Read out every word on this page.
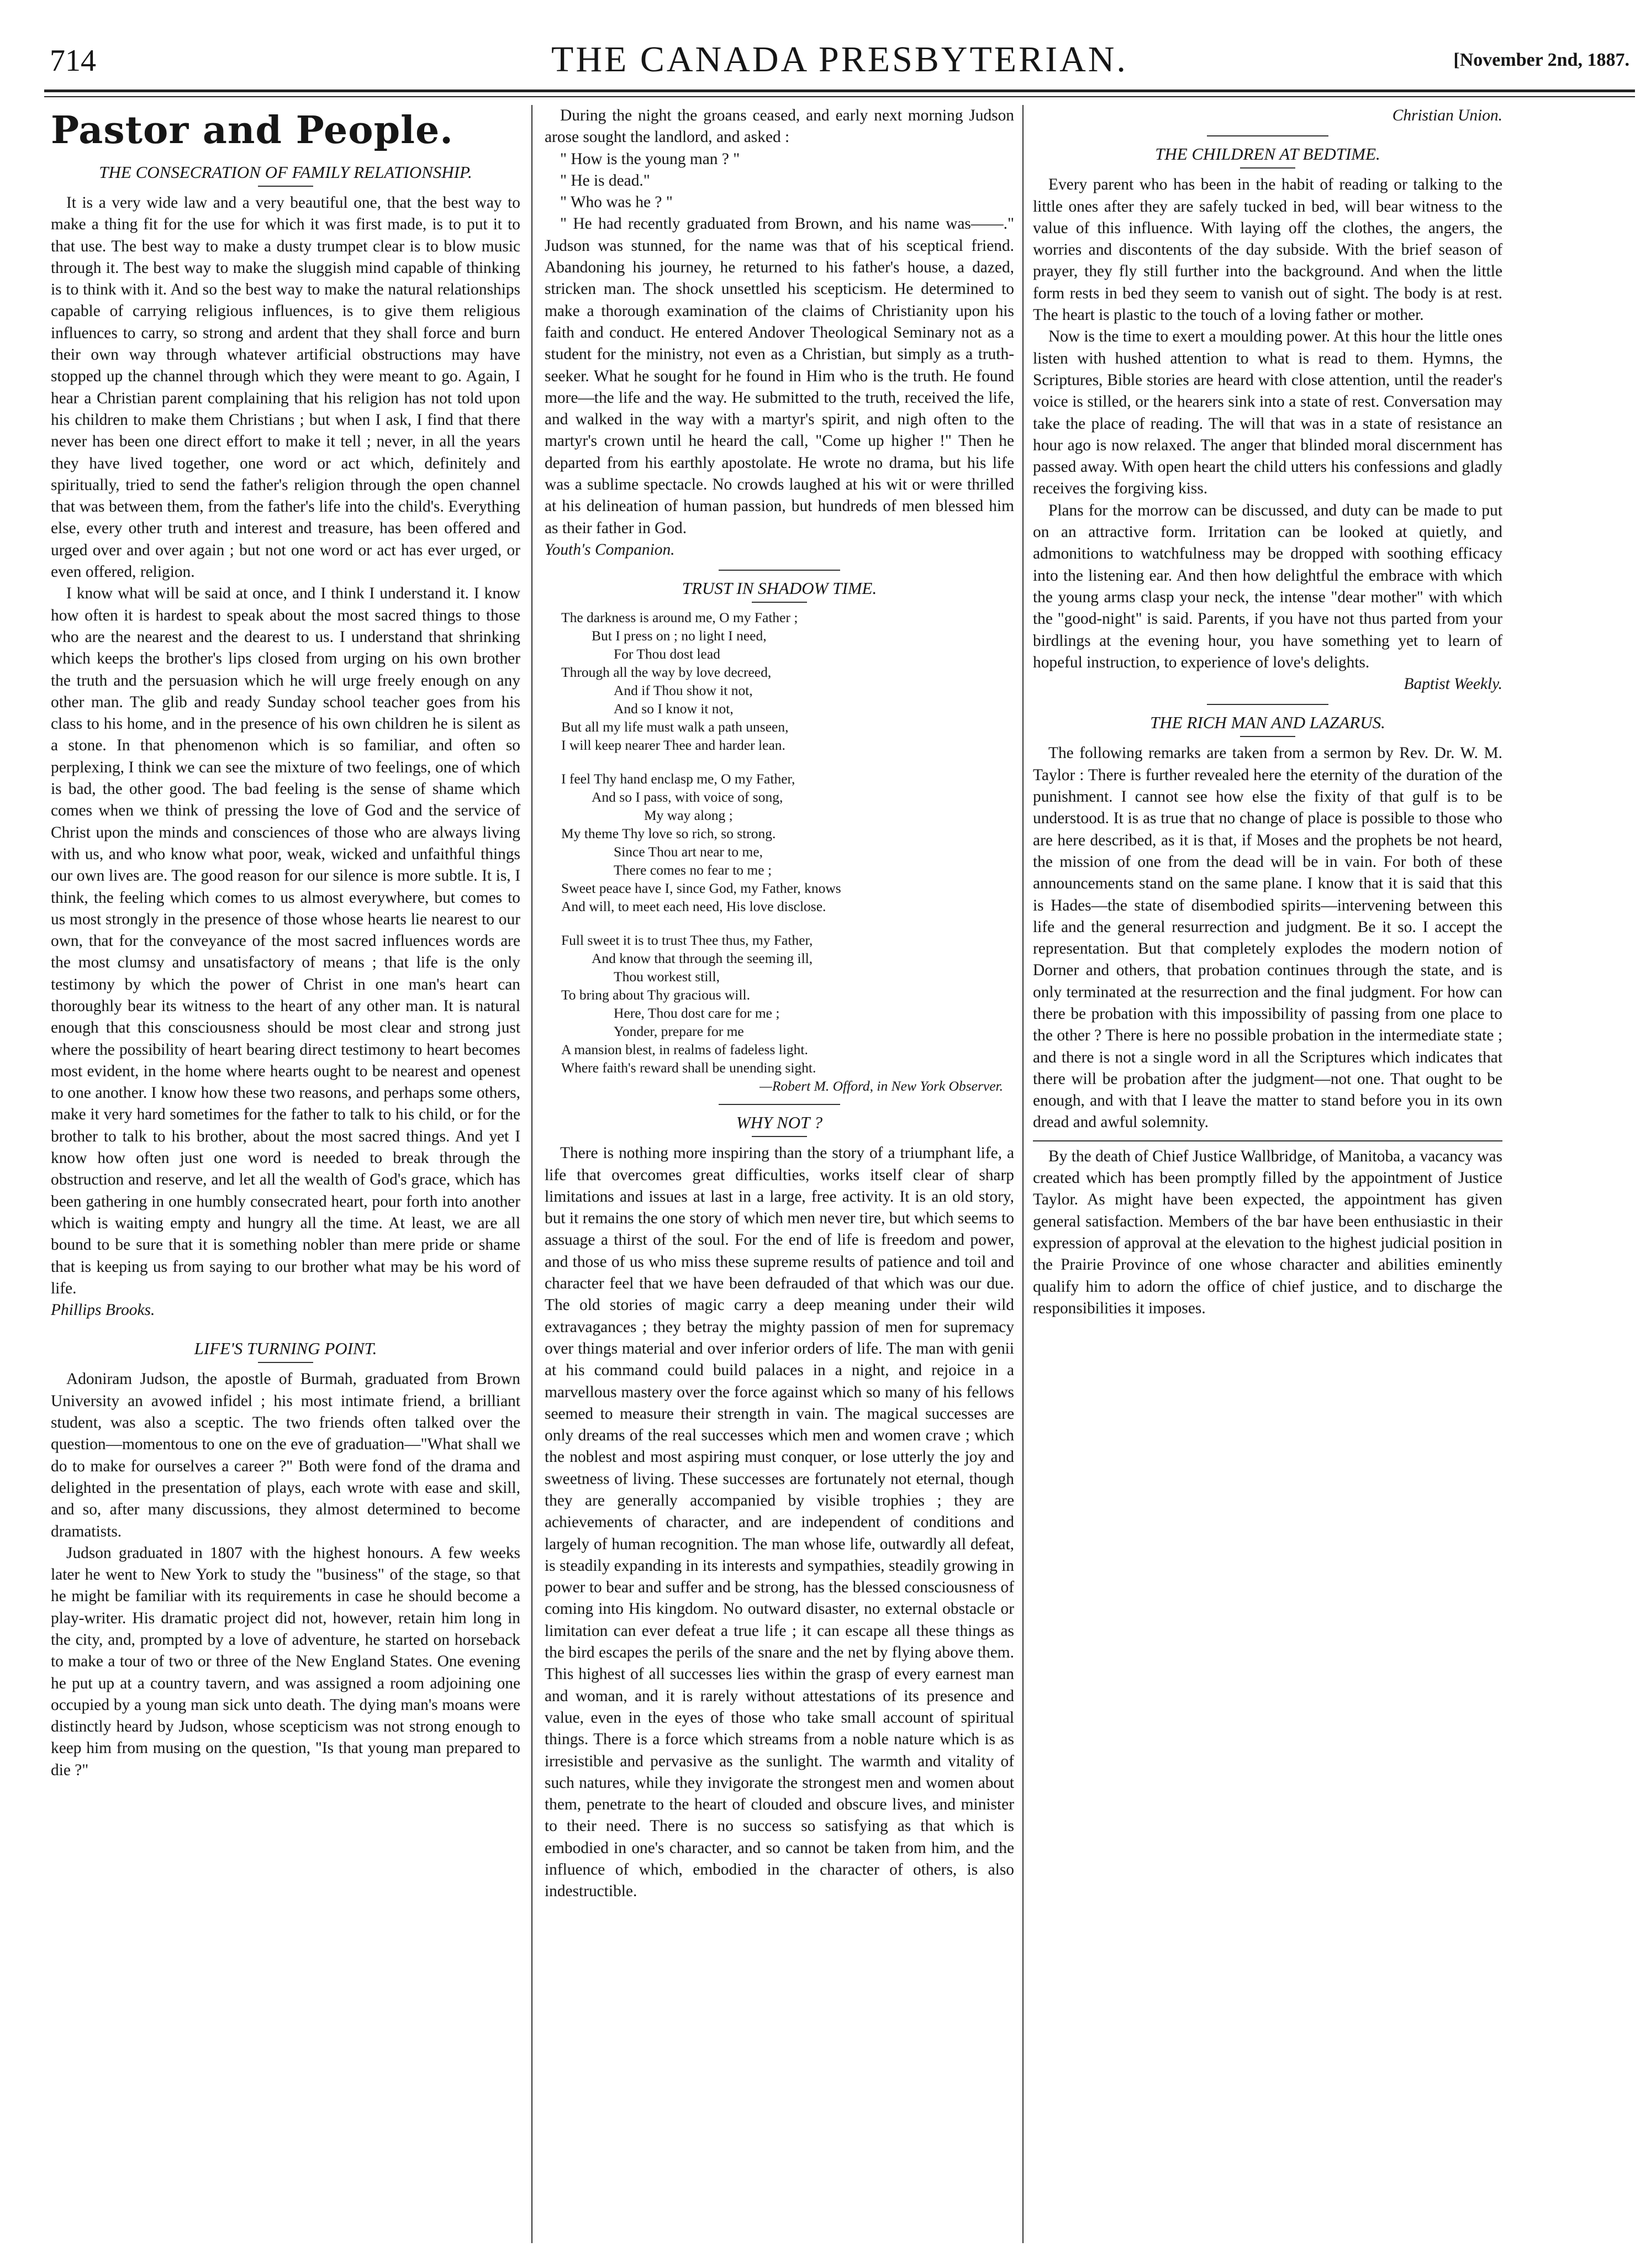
714	THE CANADA PRESBYTERIAN.	[November 2nd, 1887.
Pastor and People.
THE CONSECRATION OF FAMILY RELATIONSHIP.

It is a very wide law and a very beautiful one, that the best way to make a thing fit for the use for which it was first made, is to put it to that use. The best way to make a dusty trumpet clear is to blow music through it. The best way to make the sluggish mind capable of thinking is to think with it. And so the best way to make the natural relationships capable of carrying religious influences, is to give them religious influences to carry, so strong and ardent that they shall force and burn their own way through whatever artificial obstructions may have stopped up the channel through which they were meant to go. Again, I hear a Christian parent complaining that his religion has not told upon his children to make them Christians ; but when I ask, I find that there never has been one direct effort to make it tell ; never, in all the years they have lived together, one word or act which, definitely and spiritually, tried to send the father's religion through the open channel that was between them, from the father's life into the child's. Everything else, every other truth and interest and treasure, has been offered and urged over and over again ; but not one word or act has ever urged, or even offered, religion.

I know what will be said at once, and I think I understand it. I know how often it is hardest to speak about the most sacred things to those who are the nearest and the dearest to us. I understand that shrinking which keeps the brother's lips closed from urging on his own brother the truth and the persuasion which he will urge freely enough on any other man. The glib and ready Sunday school teacher goes from his class to his home, and in the presence of his own children he is silent as a stone. In that phenomenon which is so familiar, and often so perplexing, I think we can see the mixture of two feelings, one of which is bad, the other good. The bad feeling is the sense of shame which comes when we think of pressing the love of God and the service of Christ upon the minds and consciences of those who are always living with us, and who know what poor, weak, wicked and unfaithful things our own lives are. The good reason for our silence is more subtle. It is, I think, the feeling which comes to us almost everywhere, but comes to us most strongly in the presence of those whose hearts lie nearest to our own, that for the conveyance of the most sacred influences words are the most clumsy and unsatisfactory of means ; that life is the only testimony by which the power of Christ in one man's heart can thoroughly bear its witness to the heart of any other man. It is natural enough that this consciousness should be most clear and strong just where the possibility of heart bearing direct testimony to heart becomes most evident, in the home where hearts ought to be nearest and openest to one another. I know how these two reasons, and perhaps some others, make it very hard sometimes for the father to talk to his child, or for the brother to talk to his brother, about the most sacred things. And yet I know how often just one word is needed to break through the obstruction and reserve, and let all the wealth of God's grace, which has been gathering in one humbly consecrated heart, pour forth into another which is waiting empty and hungry all the time. At least, we are all bound to be sure that it is something nobler than mere pride or shame that is keeping us from saying to our brother what may be his word of life.

Phillips Brooks.

LIFE'S TURNING POINT.

Adoniram Judson, the apostle of Burmah, graduated from Brown University an avowed infidel ; his most intimate friend, a brilliant student, was also a sceptic. The two friends often talked over the question—momentous to one on the eve of graduation—"What shall we do to make for ourselves a career ?" Both were fond of the drama and delighted in the presentation of plays, each wrote with ease and skill, and so, after many discussions, they almost determined to become dramatists.

Judson graduated in 1807 with the highest honours. A few weeks later he went to New York to study the "business" of the stage, so that he might be familiar with its requirements in case he should become a play-writer. His dramatic project did not, however, retain him long in the city, and, prompted by a love of adventure, he started on horseback to make a tour of two or three of the New England States. One evening he put up at a country tavern, and was assigned a room adjoining one occupied by a young man sick unto death. The dying man's moans were distinctly heard by Judson, whose scepticism was not strong enough to keep him from musing on the question, "Is that young man prepared to die ?"

During the night the groans ceased, and early next morning Judson arose sought the landlord, and asked :

" How is the young man ? "

" He is dead."

" Who was he ? "

" He had recently graduated from Brown, and his name was——." Judson was stunned, for the name was that of his sceptical friend. Abandoning his journey, he returned to his father's house, a dazed, stricken man. The shock unsettled his scepticism. He determined to make a thorough examination of the claims of Christianity upon his faith and conduct. He entered Andover Theological Seminary not as a student for the ministry, not even as a Christian, but simply as a truth-seeker. What he sought for he found in Him who is the truth. He found more—the life and the way. He submitted to the truth, received the life, and walked in the way with a martyr's spirit, and nigh often to the martyr's crown until he heard the call, "Come up higher !" Then he departed from his earthly apostolate. He wrote no drama, but his life was a sublime spectacle. No crowds laughed at his wit or were thrilled at his delineation of human passion, but hundreds of men blessed him as their father in God.

Youth's Companion.

TRUST IN SHADOW TIME.
The darkness is around me, O my Father ;
But I press on ; no light I need,
For Thou dost lead
Through all the way by love decreed,
And if Thou show it not,
And so I know it not,
But all my life must walk a path unseen,
I will keep nearer Thee and harder lean.
I feel Thy hand enclasp me, O my Father,
And so I pass, with voice of song,
My way along ;
My theme Thy love so rich, so strong.
Since Thou art near to me,
There comes no fear to me ;
Sweet peace have I, since God, my Father, knows
And will, to meet each need, His love disclose.
Full sweet it is to trust Thee thus, my Father,
And know that through the seeming ill,
Thou workest still,
To bring about Thy gracious will.
Here, Thou dost care for me ;
Yonder, prepare for me
A mansion blest, in realms of fadeless light.
Where faith's reward shall be unending sight.
—Robert M. Offord, in New York Observer.
WHY NOT ?

There is nothing more inspiring than the story of a triumphant life, a life that overcomes great difficulties, works itself clear of sharp limitations and issues at last in a large, free activity. It is an old story, but it remains the one story of which men never tire, but which seems to assuage a thirst of the soul. For the end of life is freedom and power, and those of us who miss these supreme results of patience and toil and character feel that we have been defrauded of that which was our due. The old stories of magic carry a deep meaning under their wild extravagances ; they betray the mighty passion of men for supremacy over things material and over inferior orders of life. The man with genii at his command could build palaces in a night, and rejoice in a marvellous mastery over the force against which so many of his fellows seemed to measure their strength in vain. The magical successes are only dreams of the real successes which men and women crave ; which the noblest and most aspiring must conquer, or lose utterly the joy and sweetness of living. These successes are fortunately not eternal, though they are generally accompanied by visible trophies ; they are achievements of character, and are independent of conditions and largely of human recognition. The man whose life, outwardly all defeat, is steadily expanding in its interests and sympathies, steadily growing in power to bear and suffer and be strong, has the blessed consciousness of coming into His kingdom. No outward disaster, no external obstacle or limitation can ever defeat a true life ; it can escape all these things as the bird escapes the perils of the snare and the net by flying above them. This highest of all successes lies within the grasp of every earnest man and woman, and it is rarely without attestations of its presence and value, even in the eyes of those who take small account of spiritual things. There is a force which streams from a noble nature which is as irresistible and pervasive as the sunlight. The warmth and vitality of such natures, while they invigorate the strongest men and women about them, penetrate to the heart of clouded and obscure lives, and minister to their need. There is no success so satisfying as that which is embodied in one's character, and so cannot be taken from him, and the influence of which, embodied in the character of others, is also indestructible.

Christian Union.

THE CHILDREN AT BEDTIME.

Every parent who has been in the habit of reading or talking to the little ones after they are safely tucked in bed, will bear witness to the value of this influence. With laying off the clothes, the angers, the worries and discontents of the day subside. With the brief season of prayer, they fly still further into the background. And when the little form rests in bed they seem to vanish out of sight. The body is at rest. The heart is plastic to the touch of a loving father or mother.

Now is the time to exert a moulding power. At this hour the little ones listen with hushed attention to what is read to them. Hymns, the Scriptures, Bible stories are heard with close attention, until the reader's voice is stilled, or the hearers sink into a state of rest. Conversation may take the place of reading. The will that was in a state of resistance an hour ago is now relaxed. The anger that blinded moral discernment has passed away. With open heart the child utters his confessions and gladly receives the forgiving kiss.

Plans for the morrow can be discussed, and duty can be made to put on an attractive form. Irritation can be looked at quietly, and admonitions to watchfulness may be dropped with soothing efficacy into the listening ear. And then how delightful the embrace with which the young arms clasp your neck, the intense "dear mother" with which the "good-night" is said. Parents, if you have not thus parted from your birdlings at the evening hour, you have something yet to learn of hopeful instruction, to experience of love's delights.

Baptist Weekly.

THE RICH MAN AND LAZARUS.

The following remarks are taken from a sermon by Rev. Dr. W. M. Taylor : There is further revealed here the eternity of the duration of the punishment. I cannot see how else the fixity of that gulf is to be understood. It is as true that no change of place is possible to those who are here described, as it is that, if Moses and the prophets be not heard, the mission of one from the dead will be in vain. For both of these announcements stand on the same plane. I know that it is said that this is Hades—the state of disembodied spirits—intervening between this life and the general resurrection and judgment. Be it so. I accept the representation. But that completely explodes the modern notion of Dorner and others, that probation continues through the state, and is only terminated at the resurrection and the final judgment. For how can there be probation with this impossibility of passing from one place to the other ? There is here no possible probation in the intermediate state ; and there is not a single word in all the Scriptures which indicates that there will be probation after the judgment—not one. That ought to be enough, and with that I leave the matter to stand before you in its own dread and awful solemnity.

By the death of Chief Justice Wallbridge, of Manitoba, a vacancy was created which has been promptly filled by the appointment of Justice Taylor. As might have been expected, the appointment has given general satisfaction. Members of the bar have been enthusiastic in their expression of approval at the elevation to the highest judicial position in the Prairie Province of one whose character and abilities eminently qualify him to adorn the office of chief justice, and to discharge the responsibilities it imposes.
